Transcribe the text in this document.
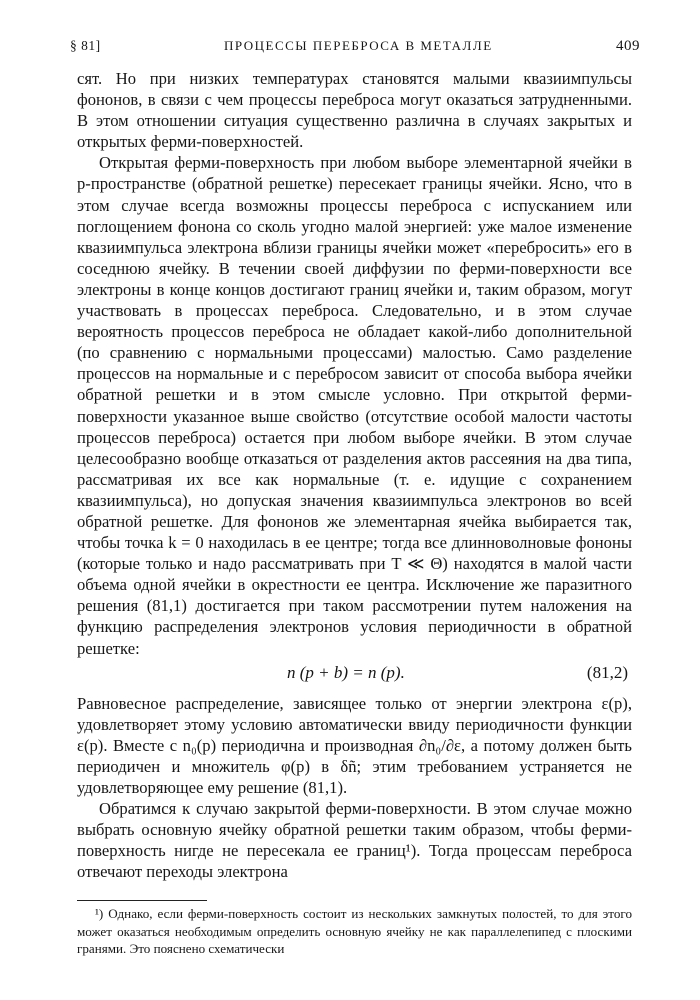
§ 81]	ПРОЦЕССЫ ПЕРЕБРОСА В МЕТАЛЛЕ	409

сят. Но при низких температурах становятся малыми квазиимпульсы фононов, в связи с чем процессы переброса могут оказаться затрудненными. В этом отношении ситуация существенно различна в случаях закрытых и открытых ферми-поверхностей.

Открытая ферми-поверхность при любом выборе элементарной ячейки в p-пространстве (обратной решетке) пересекает границы ячейки. Ясно, что в этом случае всегда возможны процессы переброса с испусканием или поглощением фонона со сколь угодно малой энергией: уже малое изменение квазиимпульса электрона вблизи границы ячейки может «перебросить» его в соседнюю ячейку. В течении своей диффузии по ферми-поверхности все электроны в конце концов достигают границ ячейки и, таким образом, могут участвовать в процессах переброса. Следовательно, и в этом случае вероятность процессов переброса не обладает какой-либо дополнительной (по сравнению с нормальными процессами) малостью. Само разделение процессов на нормальные и с перебросом зависит от способа выбора ячейки обратной решетки и в этом смысле условно. При открытой ферми-поверхности указанное выше свойство (отсутствие особой малости частоты процессов переброса) остается при любом выборе ячейки. В этом случае целесообразно вообще отказаться от разделения актов рассеяния на два типа, рассматривая их все как нормальные (т. е. идущие с сохранением квазиимпульса), но допуская значения квазиимпульса электронов во всей обратной решетке. Для фононов же элементарная ячейка выбирается так, чтобы точка k = 0 находилась в ее центре; тогда все длинноволновые фононы (которые только и надо рассматривать при T ≪ Θ) находятся в малой части объема одной ячейки в окрестности ее центра. Исключение же паразитного решения (81,1) достигается при таком рассмотрении путем наложения на функцию распределения электронов условия периодичности в обратной решетке:

n (p + b) = n (p).	(81,2)

Равновесное распределение, зависящее только от энергии электрона ε(p), удовлетворяет этому условию автоматически ввиду периодичности функции ε(p). Вместе с n₀(p) периодична и производная ∂n₀/∂ε, а потому должен быть периодичен и множитель φ(p) в δñ; этим требованием устраняется не удовлетворяющее ему решение (81,1).

Обратимся к случаю закрытой ферми-поверхности. В этом случае можно выбрать основную ячейку обратной решетки таким образом, чтобы ферми-поверхность нигде не пересекала ее границ¹). Тогда процессам переброса отвечают переходы электрона

¹) Однако, если ферми-поверхность состоит из нескольких замкнутых полостей, то для этого может оказаться необходимым определить основную ячейку не как параллелепипед с плоскими гранями. Это пояснено схематически
